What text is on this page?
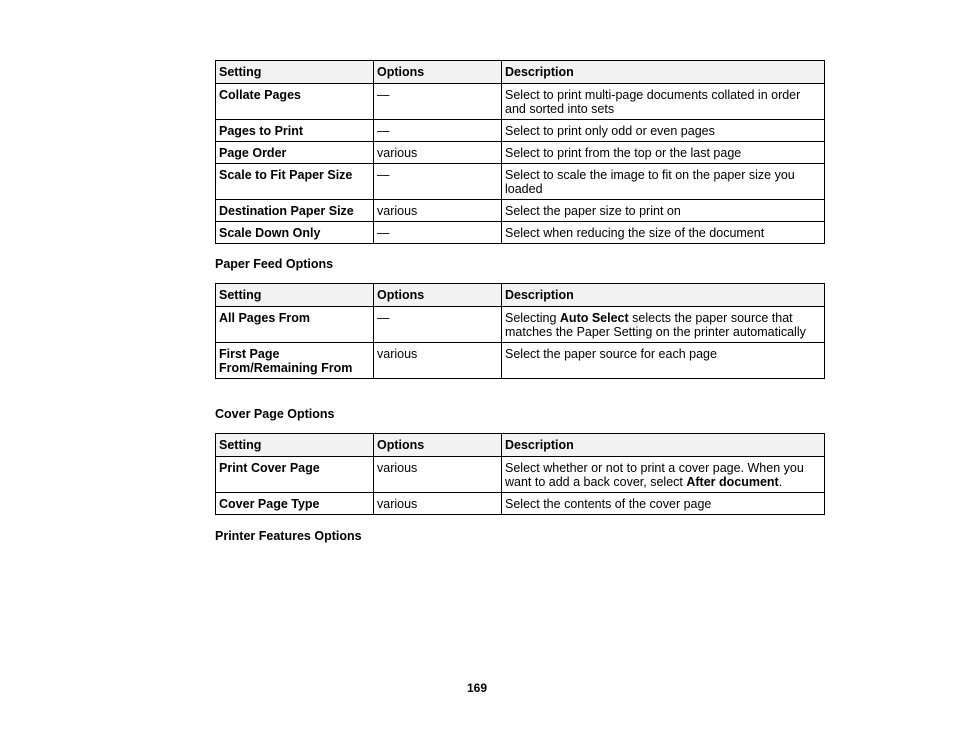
Setting	Options	Description
Collate Pages	—	Select to print multi-page documents collated in order and sorted into sets
Pages to Print	—	Select to print only odd or even pages
Page Order	various	Select to print from the top or the last page
Scale to Fit Paper Size	—	Select to scale the image to fit on the paper size you loaded
Destination Paper Size	various	Select the paper size to print on
Scale Down Only	—	Select when reducing the size of the document
Paper Feed Options
Setting	Options	Description
All Pages From	—	Selecting Auto Select selects the paper source that matches the Paper Setting on the printer automatically
First Page From/Remaining From	various	Select the paper source for each page
Cover Page Options
Setting	Options	Description
Print Cover Page	various	Select whether or not to print a cover page. When you want to add a back cover, select After document.
Cover Page Type	various	Select the contents of the cover page
Printer Features Options
169
